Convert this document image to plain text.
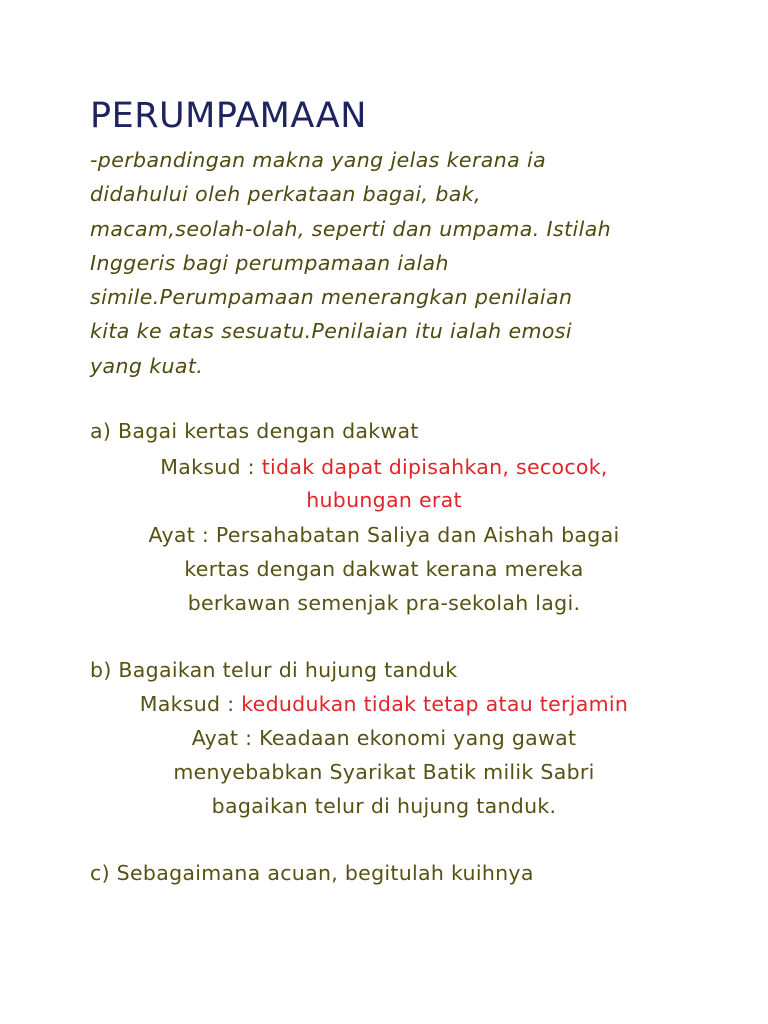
PERUMPAMAAN
-perbandingan makna yang jelas kerana ia
didahului oleh perkataan bagai, bak,
macam,seolah-olah, seperti dan umpama. Istilah
Inggeris bagi perumpamaan ialah
simile.Perumpamaan menerangkan penilaian
kita ke atas sesuatu.Penilaian itu ialah emosi
yang kuat.
a) Bagai kertas dengan dakwat
Maksud : tidak dapat dipisahkan, secocok,
hubungan erat
Ayat : Persahabatan Saliya dan Aishah bagai
kertas dengan dakwat kerana mereka
berkawan semenjak pra-sekolah lagi.
b) Bagaikan telur di hujung tanduk
Maksud : kedudukan tidak tetap atau terjamin
Ayat : Keadaan ekonomi yang gawat
menyebabkan Syarikat Batik milik Sabri
bagaikan telur di hujung tanduk.
c) Sebagaimana acuan, begitulah kuihnya
